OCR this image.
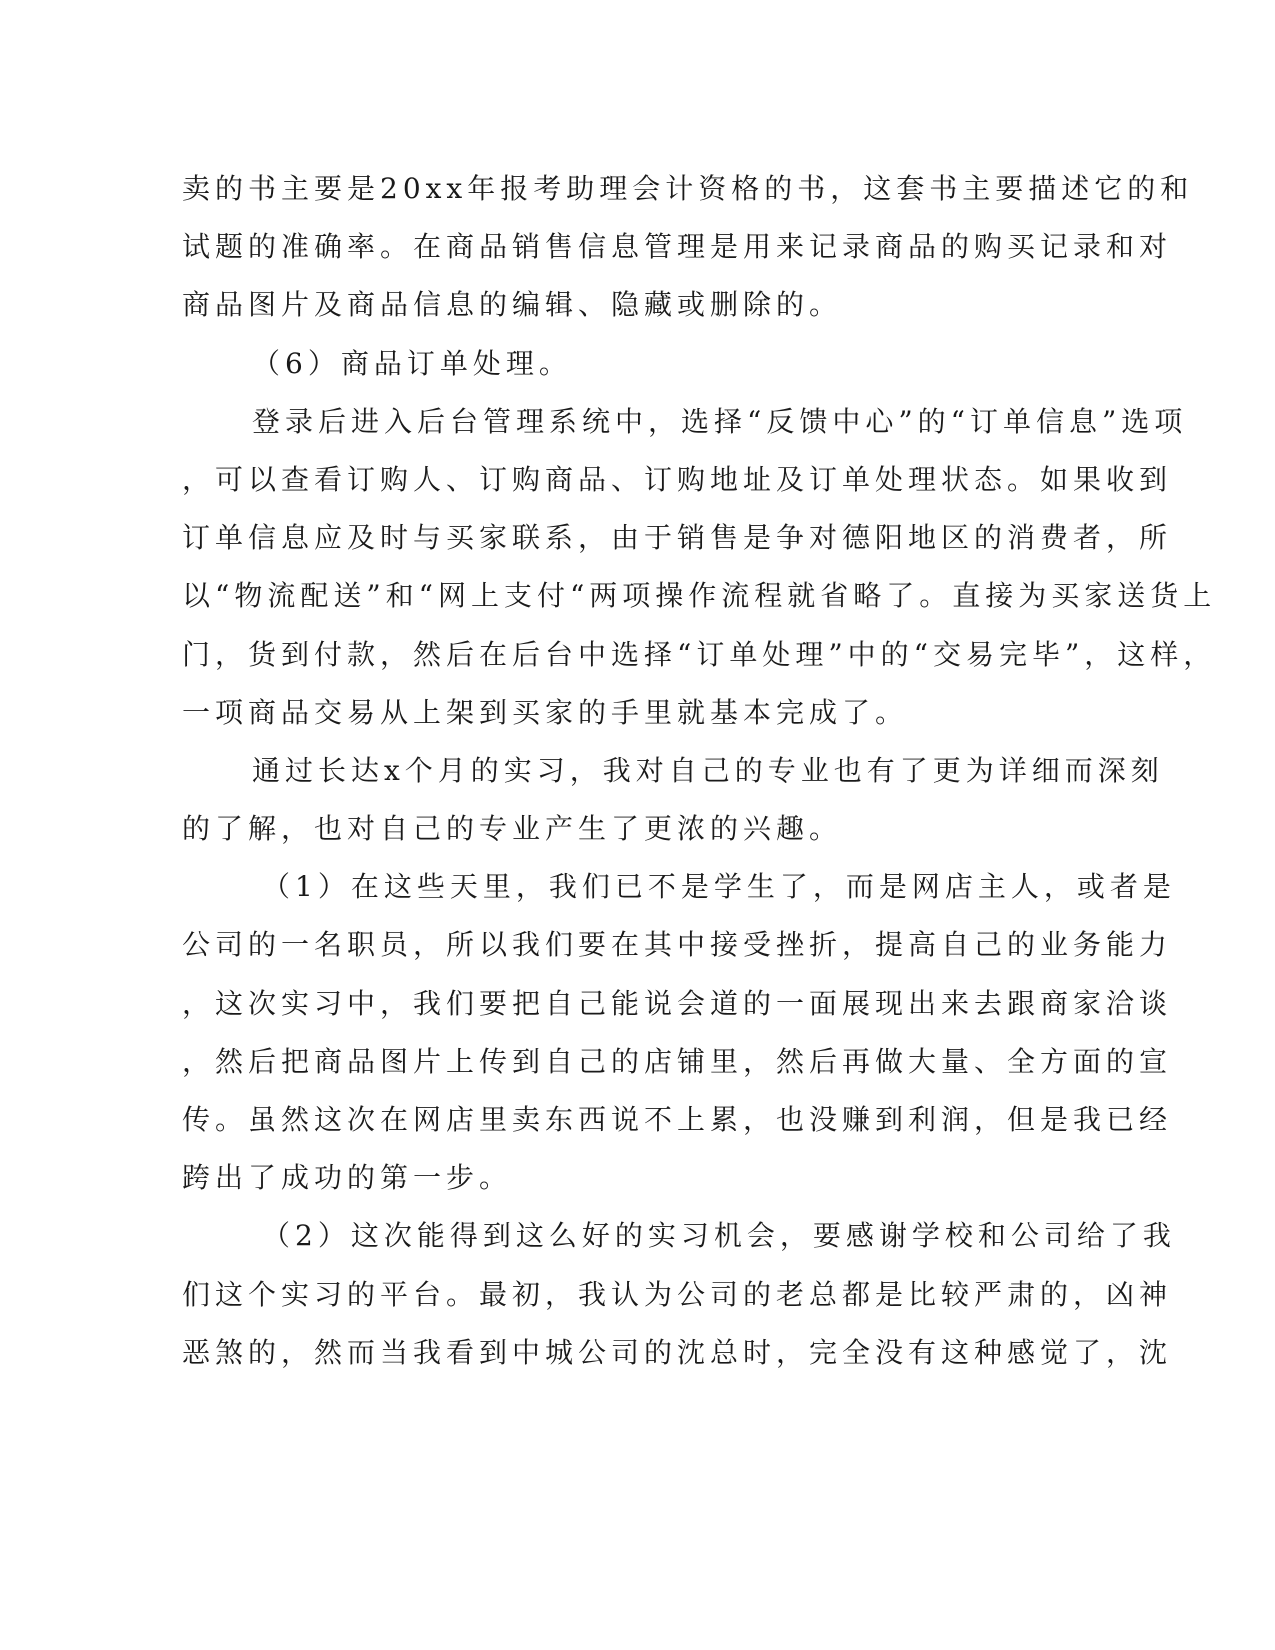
卖的书主要是20xx年报考助理会计资格的书，这套书主要描述它的和
试题的准确率。在商品销售信息管理是用来记录商品的购买记录和对
商品图片及商品信息的编辑、隐藏或删除的。
（6）商品订单处理。
登录后进入后台管理系统中，选择“反馈中心”的“订单信息”选项
，可以查看订购人、订购商品、订购地址及订单处理状态。如果收到
订单信息应及时与买家联系，由于销售是争对德阳地区的消费者，所
以“物流配送”和“网上支付“两项操作流程就省略了。直接为买家送货上
门，货到付款，然后在后台中选择“订单处理”中的“交易完毕”，这样，
一项商品交易从上架到买家的手里就基本完成了。
通过长达x个月的实习，我对自己的专业也有了更为详细而深刻
的了解，也对自己的专业产生了更浓的兴趣。
（1）在这些天里，我们已不是学生了，而是网店主人，或者是
公司的一名职员，所以我们要在其中接受挫折，提高自己的业务能力
，这次实习中，我们要把自己能说会道的一面展现出来去跟商家洽谈
，然后把商品图片上传到自己的店铺里，然后再做大量、全方面的宣
传。虽然这次在网店里卖东西说不上累，也没赚到利润，但是我已经
跨出了成功的第一步。
（2）这次能得到这么好的实习机会，要感谢学校和公司给了我
们这个实习的平台。最初，我认为公司的老总都是比较严肃的，凶神
恶煞的，然而当我看到中城公司的沈总时，完全没有这种感觉了，沈
